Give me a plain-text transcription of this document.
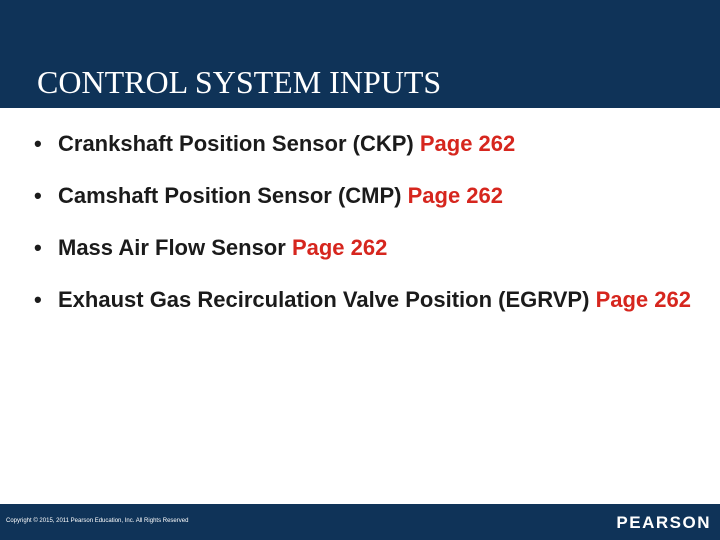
CONTROL SYSTEM INPUTS
• Crankshaft Position Sensor (CKP) Page 262
• Camshaft Position Sensor (CMP) Page 262
• Mass Air Flow Sensor Page 262
• Exhaust Gas Recirculation Valve Position (EGRVP) Page 262
Copyright © 2015, 2011 Pearson Education, Inc. All Rights Reserved	PEARSON
